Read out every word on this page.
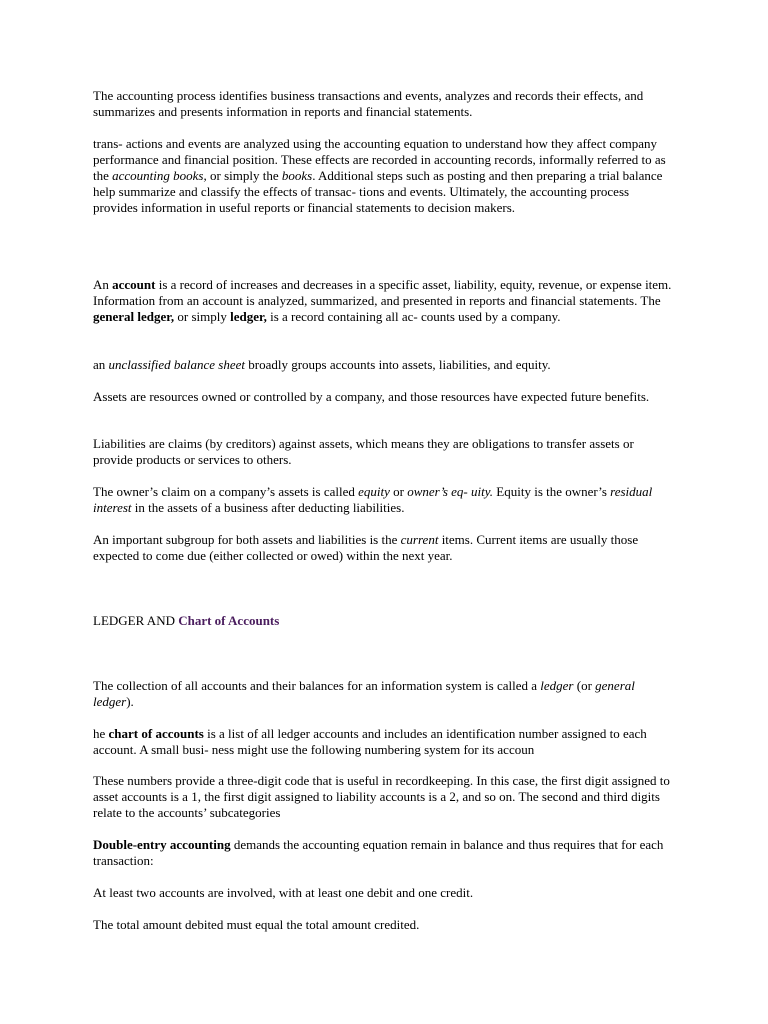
The accounting process identifies business transactions and events, analyzes and records their effects, and summarizes and presents information in reports and financial statements.

trans- actions and events are analyzed using the accounting equation to understand how they affect company performance and financial position. These effects are recorded in accounting records, informally referred to as the accounting books, or simply the books. Additional steps such as posting and then preparing a trial balance help summarize and classify the effects of transac- tions and events. Ultimately, the accounting process provides information in useful reports or financial statements to decision makers.

An account is a record of increases and decreases in a specific asset, liability, equity, revenue, or expense item. Information from an account is analyzed, summarized, and presented in reports and financial statements. The general ledger, or simply ledger, is a record containing all ac- counts used by a company.

an unclassified balance sheet broadly groups accounts into assets, liabilities, and equity.

Assets are resources owned or controlled by a company, and those resources have expected future benefits.

Liabilities are claims (by creditors) against assets, which means they are obligations to transfer assets or provide products or services to others.

The owner’s claim on a company’s assets is called equity or owner’s eq- uity. Equity is the owner’s residual interest in the assets of a business after deducting liabilities.

An important subgroup for both assets and liabilities is the current items. Current items are usually those expected to come due (either collected or owed) within the next year.

LEDGER AND Chart of Accounts

The collection of all accounts and their balances for an information system is called a ledger (or general ledger).

he chart of accounts is a list of all ledger accounts and includes an identification number assigned to each account. A small busi- ness might use the following numbering system for its accoun

These numbers provide a three-digit code that is useful in recordkeeping. In this case, the first digit assigned to asset accounts is a 1, the first digit assigned to liability accounts is a 2, and so on. The second and third digits relate to the accounts’ subcategories

Double-entry accounting demands the accounting equation remain in balance and thus requires that for each transaction:

At least two accounts are involved, with at least one debit and one credit.

The total amount debited must equal the total amount credited.
